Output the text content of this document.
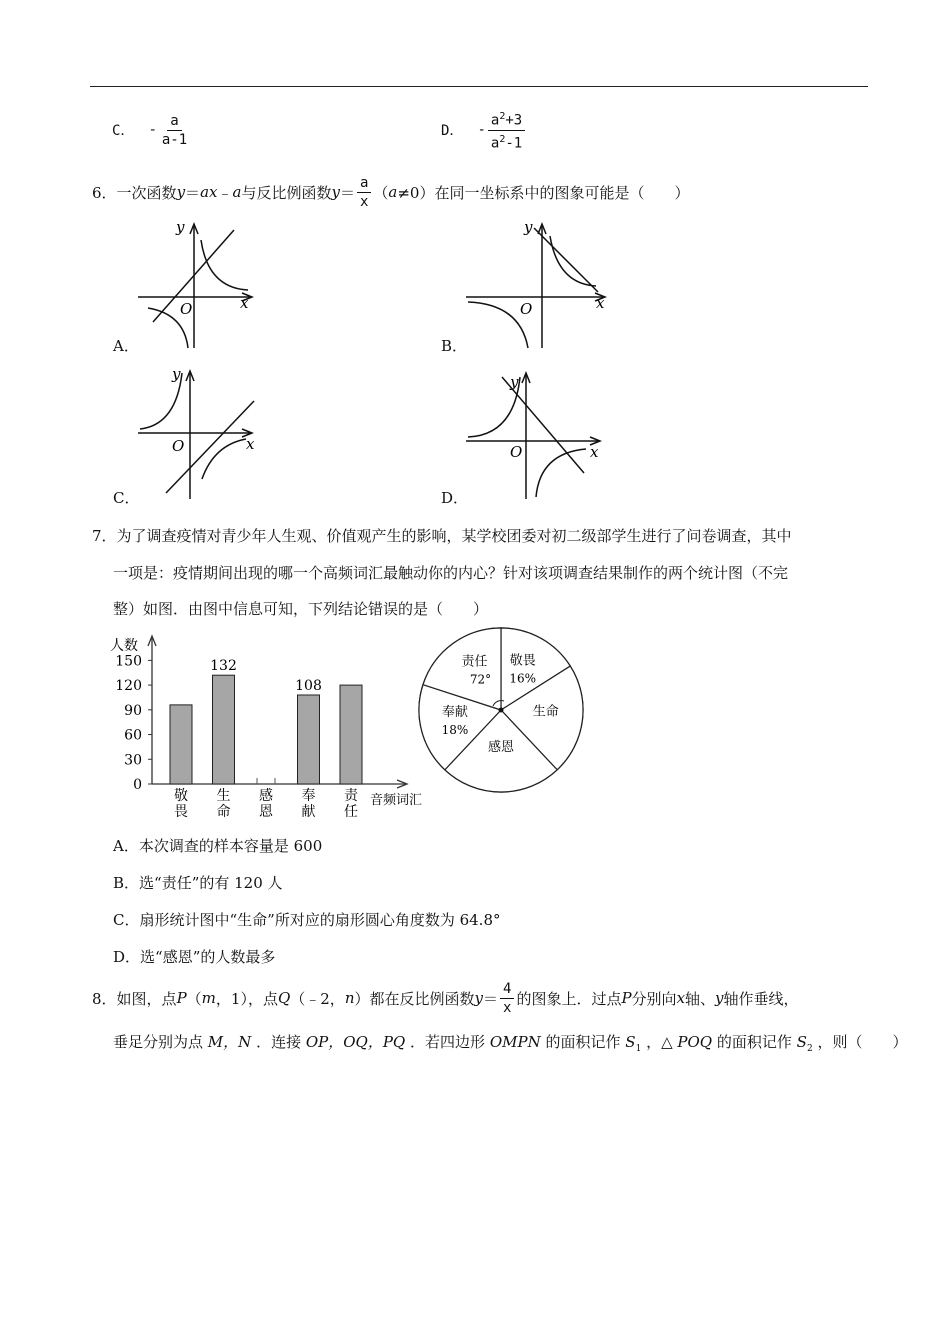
C． - $\frac{a}{a-1}$	D． - $\frac{a^2+3}{a^2-1}$
6． 一次函数 y ＝ ax ﹣ a 与反比例函数 $y = \frac{a}{x}$ （ a ≠0）在同一坐标系中的图象可能是（　　）
y
x
O
A．
y
x
O
B．
y
x
O
C．
y
x
O
D．
7．为了调查疫情对青少年人生观、价值观产生的影响，某学校团委对初二级部学生进行了问卷调查，其中
一项是：疫情期间出现的哪一个高频词汇最触动你的内心？针对该项调查结果制作的两个统计图（不完
整）如图．由图中信息可知，下列结论错误的是（　　）
人数
音频词汇
0
30
60
90
120
150
敬
畏
132
生
命
感
恩
108
奉
献
责
任
敬畏
16%
生命
感恩
奉献
18%
责任
72°
A．本次调查的样本容量是 600
B．选“责任”的有 120 人
C．扇形统计图中“生命”所对应的扇形圆心角度数为 64.8°
D．选“感恩”的人数最多
8． 如图，点 P （ m ，1），点 Q （﹣2， n ）都在反比例函数 $y = \frac{4}{x}$ 的图象上．过点 P 分别向 x 轴、 y 轴作垂线，
垂足分别为点 M，N ．连接 OP，OQ，PQ ．若四边形 OMPN 的面积记作 $S_1$ ，△ POQ 的面积记作 $S_2$ ，则（　　）
